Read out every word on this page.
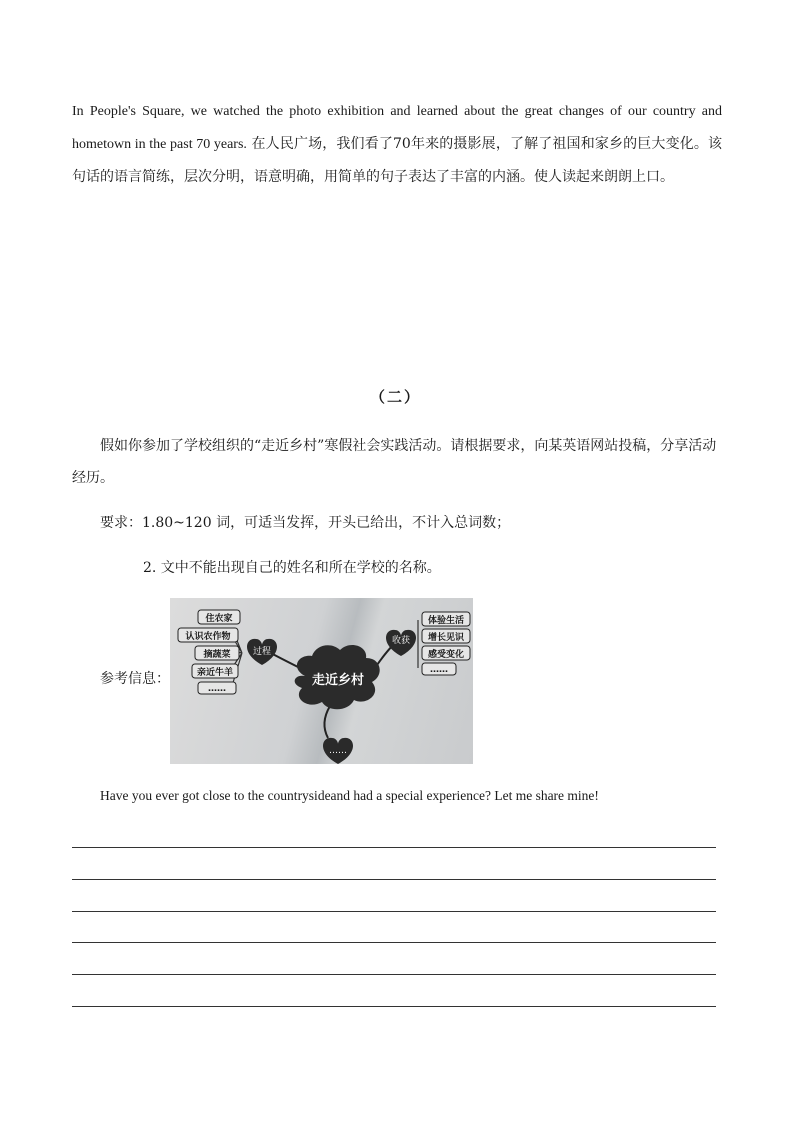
In People's Square, we watched the photo exhibition and learned about the great changes of our country and hometown in the past 70 years. 在人民广场，我们看了70年来的摄影展，了解了祖国和家乡的巨大变化。该句话的语言简练，层次分明，语意明确，用简单的句子表达了丰富的内涵。使人读起来朗朗上口。
（二）
假如你参加了学校组织的“走近乡村”寒假社会实践活动。请根据要求，向某英语网站投稿，分享活动经历。
要求：1.80~120 词，可适当发挥，开头已给出，不计入总词数；
2. 文中不能出现自己的姓名和所在学校的名称。
参考信息：
住农家
认识农作物
摘蔬菜
亲近牛羊
……
过程
体验生活
增长见识
感受变化
……
收获
走近乡村
……
Have you ever got close to the countrysideand had a special experience? Let me share mine!
